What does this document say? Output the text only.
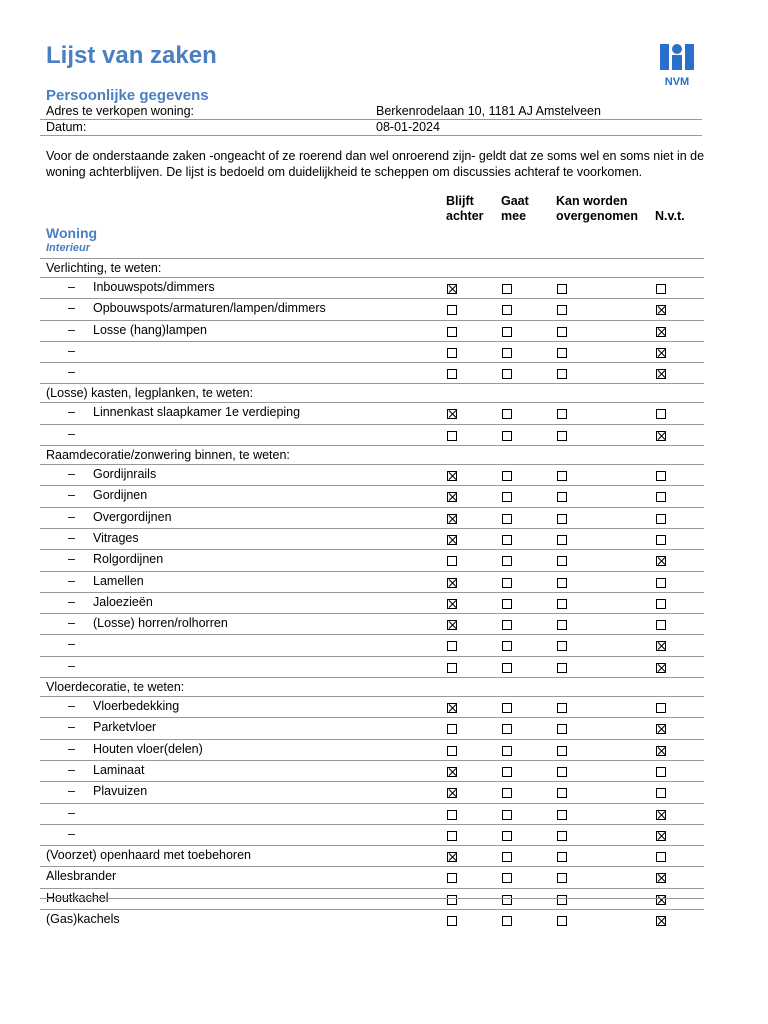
Lijst van zaken
NVM
Persoonlijke gegevens
Adres te verkopen woning:	Berkenrodelaan 10, 1181 AJ Amstelveen
Datum:	08-01-2024
Voor de onderstaande zaken -ongeacht of ze roerend dan wel onroerend zijn- geldt dat ze soms wel en soms niet in de woning achterblijven. De lijst is bedoeld om duidelijkheid te scheppen om discussies achteraf te voorkomen.
Blijft
achter
Gaat
mee
Kan worden
overgenomen N.v.t.
Woning
Interieur
Verlichting, te weten:
– Inbouwspots/dimmers
– Opbouwspots/armaturen/lampen/dimmers
– Losse (hang)lampen
–
–
(Losse) kasten, legplanken, te weten:
– Linnenkast slaapkamer 1e verdieping
–
Raamdecoratie/zonwering binnen, te weten:
– Gordijnrails
– Gordijnen
– Overgordijnen
– Vitrages
– Rolgordijnen
– Lamellen
– Jaloezieën
– (Losse) horren/rolhorren
–
–
Vloerdecoratie, te weten:
– Vloerbedekking
– Parketvloer
– Houten vloer(delen)
– Laminaat
– Plavuizen
–
–
(Voorzet) openhaard met toebehoren
Allesbrander
Houtkachel
(Gas)kachels
